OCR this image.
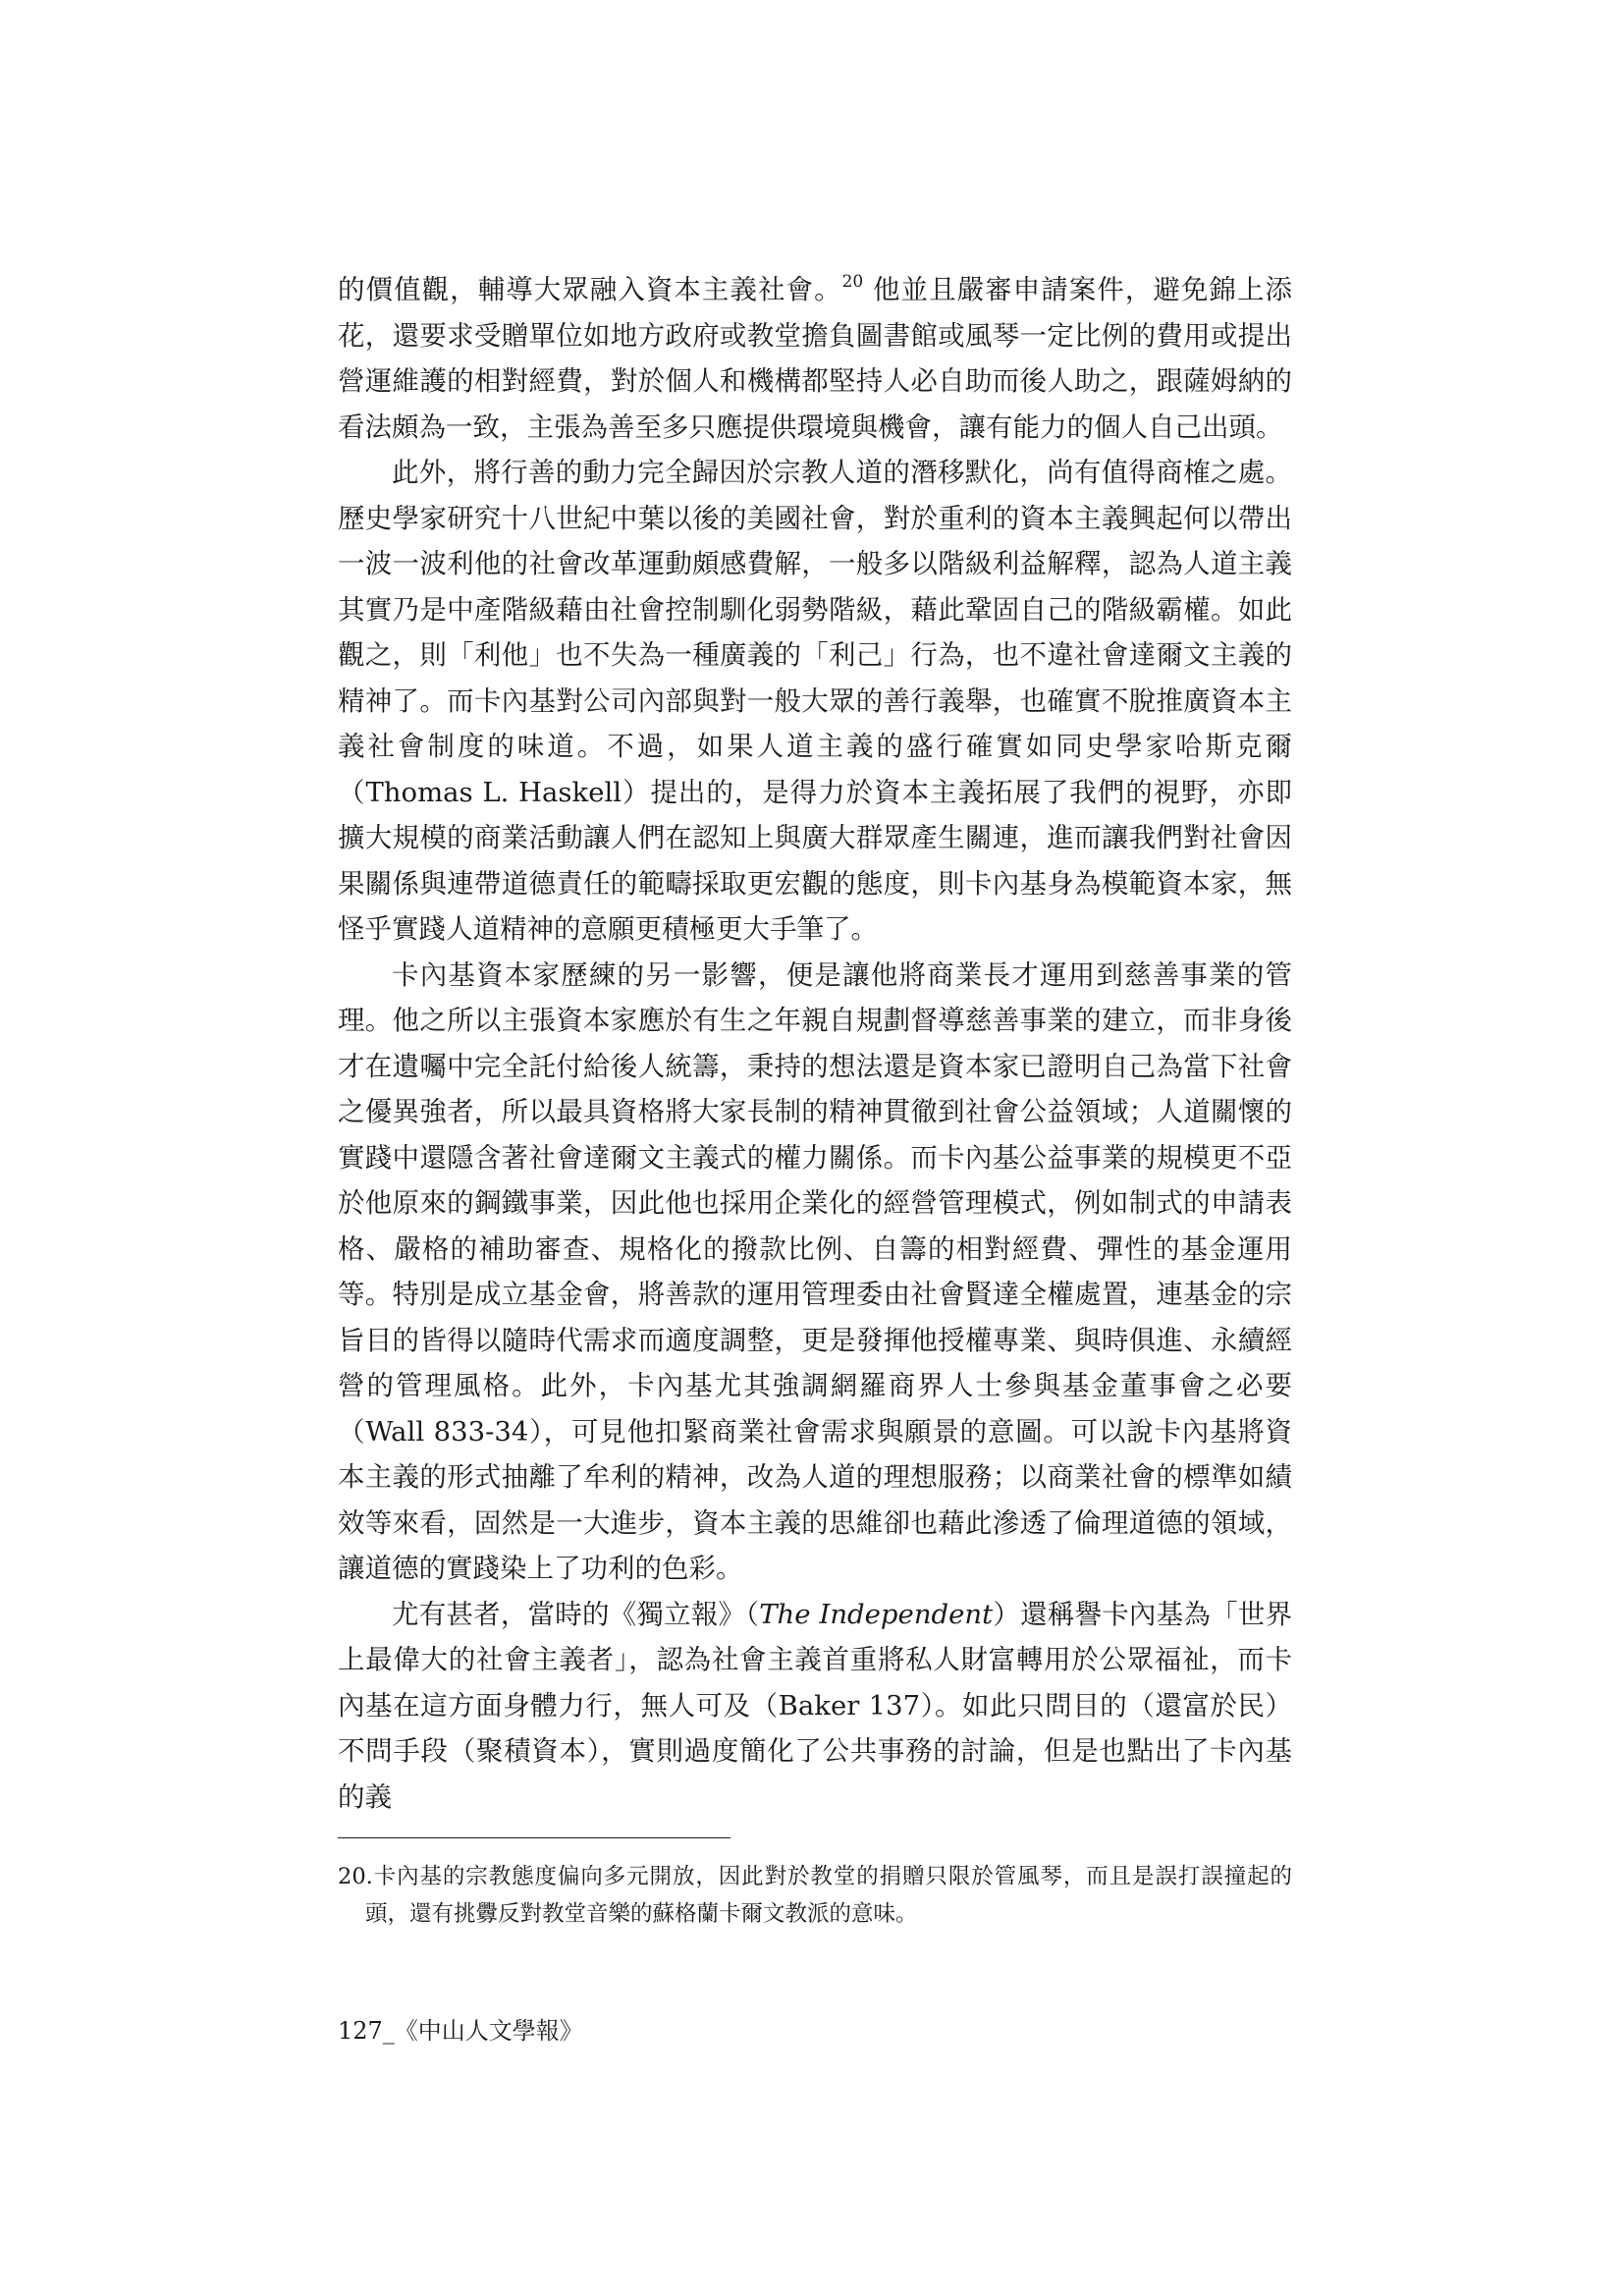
的價值觀，輔導大眾融入資本主義社會。$^{20}$ 他並且嚴審申請案件，避免錦上添花，還要求受贈單位如地方政府或教堂擔負圖書館或風琴一定比例的費用或提出營運維護的相對經費，對於個人和機構都堅持人必自助而後人助之，跟薩姆納的看法頗為一致，主張為善至多只應提供環境與機會，讓有能力的個人自己出頭。

此外，將行善的動力完全歸因於宗教人道的潛移默化，尚有值得商榷之處。歷史學家研究十八世紀中葉以後的美國社會，對於重利的資本主義興起何以帶出一波一波利他的社會改革運動頗感費解，一般多以階級利益解釋，認為人道主義其實乃是中產階級藉由社會控制馴化弱勢階級，藉此鞏固自己的階級霸權。如此觀之，則「利他」也不失為一種廣義的「利己」行為，也不違社會達爾文主義的精神了。而卡內基對公司內部與對一般大眾的善行義舉，也確實不脫推廣資本主義社會制度的味道。不過，如果人道主義的盛行確實如同史學家哈斯克爾（Thomas L. Haskell）提出的，是得力於資本主義拓展了我們的視野，亦即擴大規模的商業活動讓人們在認知上與廣大群眾產生關連，進而讓我們對社會因果關係與連帶道德責任的範疇採取更宏觀的態度，則卡內基身為模範資本家，無怪乎實踐人道精神的意願更積極更大手筆了。

卡內基資本家歷練的另一影響，便是讓他將商業長才運用到慈善事業的管理。他之所以主張資本家應於有生之年親自規劃督導慈善事業的建立，而非身後才在遺囑中完全託付給後人統籌，秉持的想法還是資本家已證明自己為當下社會之優異強者，所以最具資格將大家長制的精神貫徹到社會公益領域；人道關懷的實踐中還隱含著社會達爾文主義式的權力關係。而卡內基公益事業的規模更不亞於他原來的鋼鐵事業，因此他也採用企業化的經營管理模式，例如制式的申請表格、嚴格的補助審查、規格化的撥款比例、自籌的相對經費、彈性的基金運用等。特別是成立基金會，將善款的運用管理委由社會賢達全權處置，連基金的宗旨目的皆得以隨時代需求而適度調整，更是發揮他授權專業、與時俱進、永續經營的管理風格。此外，卡內基尤其強調網羅商界人士參與基金董事會之必要（Wall 833-34），可見他扣緊商業社會需求與願景的意圖。可以說卡內基將資本主義的形式抽離了牟利的精神，改為人道的理想服務；以商業社會的標準如績效等來看，固然是一大進步，資本主義的思維卻也藉此滲透了倫理道德的領域，讓道德的實踐染上了功利的色彩。

尤有甚者，當時的《獨立報》（The Independent）還稱譽卡內基為「世界上最偉大的社會主義者」，認為社會主義首重將私人財富轉用於公眾福祉，而卡內基在這方面身體力行，無人可及（Baker 137）。如此只問目的（還富於民）不問手段（聚積資本），實則過度簡化了公共事務的討論，但是也點出了卡內基的義

20.卡內基的宗教態度偏向多元開放，因此對於教堂的捐贈只限於管風琴，而且是誤打誤撞起的頭，還有挑釁反對教堂音樂的蘇格蘭卡爾文教派的意味。
127_《中山人文學報》
